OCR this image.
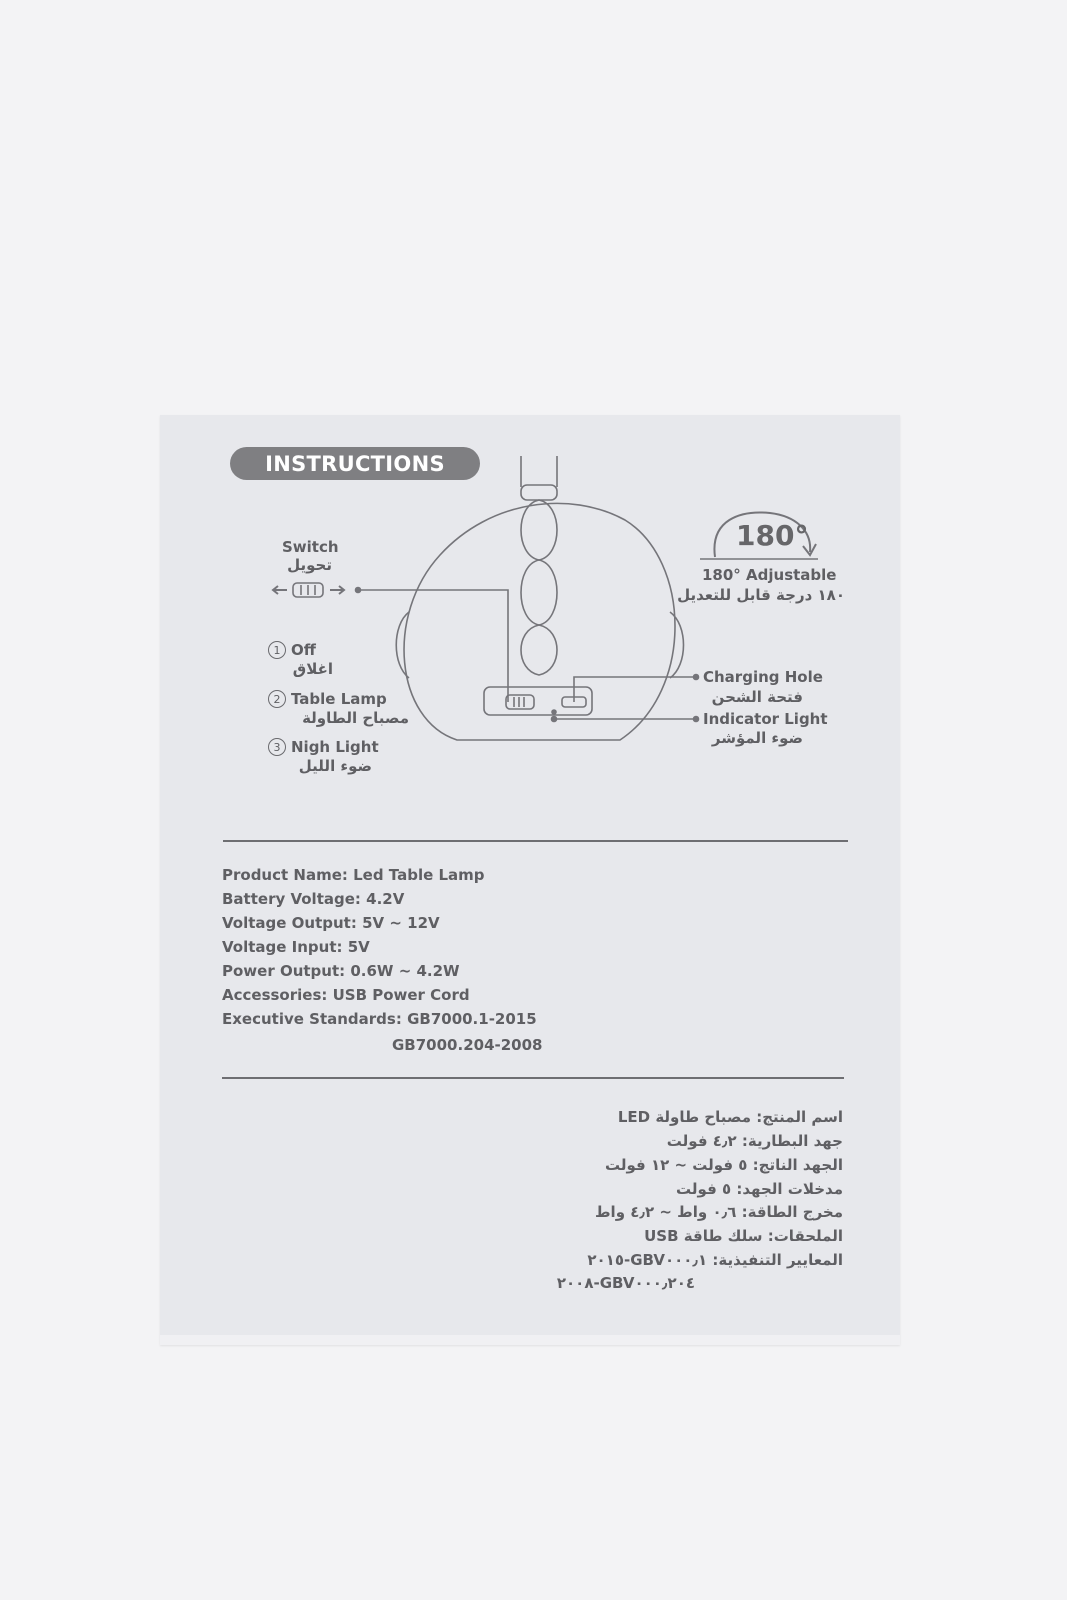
INSTRUCTIONS
180°
180° Adjustable
١٨٠ درجة قابل للتعديل
Switch
تحويل
1 Off
اغلاق
2 Table Lamp
مصباح الطاولة
3 Nigh Light
ضوء الليل
Charging Hole
فتحة الشحن
Indicator Light
ضوء المؤشر
Product Name: Led Table Lamp
Battery Voltage: 4.2V
Voltage Output: 5V ~ 12V
Voltage Input: 5V
Power Output: 0.6W ~ 4.2W
Accessories: USB Power Cord
Executive Standards: GB7000.1-2015
GB7000.204-2008
اسم المنتج: مصباح طاولة LED
جهد البطارية: ٤٫٢ فولت
الجهد الناتج: ٥ فولت ~ ١٢ فولت
مدخلات الجهد: ٥ فولت
مخرج الطاقة: ٠٫٦ واط ~ ٤٫٢ واط
الملحقات: سلك طاقة USB
المعايير التنفيذية: GBV٠٠٠٫١-٢٠١٥
GBV٠٠٠٫٢٠٤-٢٠٠٨
